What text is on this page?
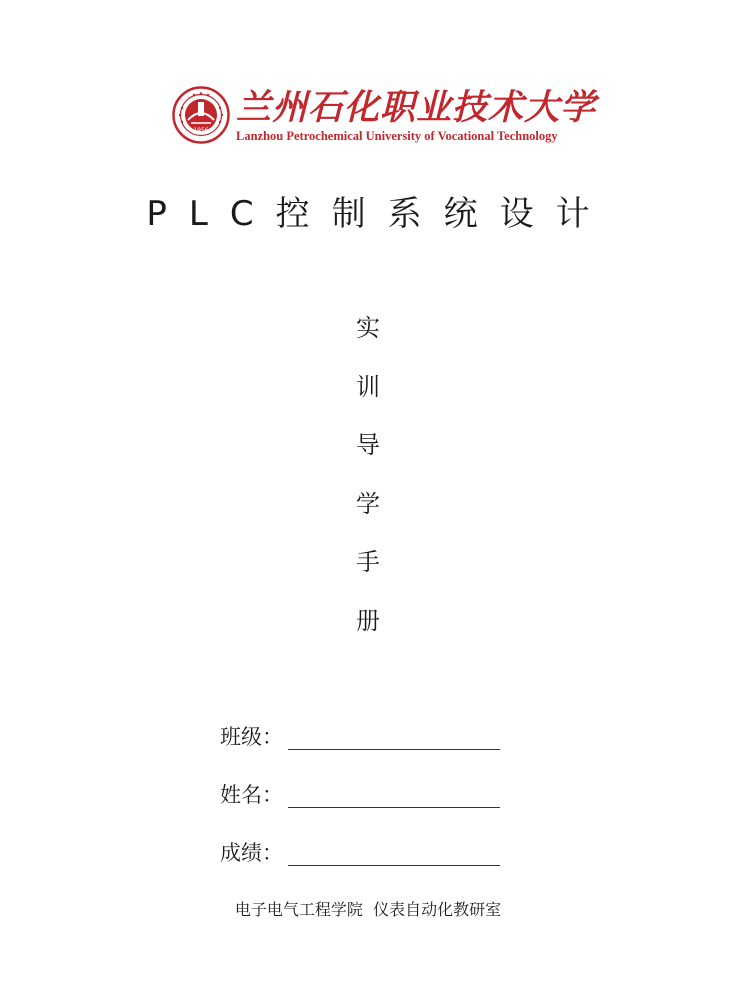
1956
兰州石化职业技术大学
Lanzhou Petrochemical University of Vocational Technology
PLC控制系统设计
实
训
导
学
手
册
班级：
姓名：
成绩：
电子电气工程学院  仪表自动化教研室
